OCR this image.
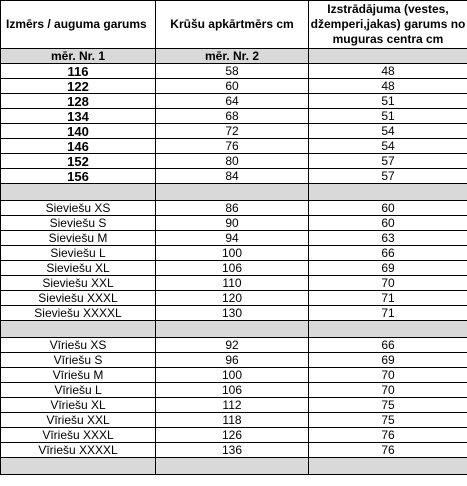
Izmērs / auguma garums	Krūšu apkārtmērs cm	Izstrādājuma (vestes, džemperi,jakas) garums no muguras centra cm
mēr. Nr. 1	mēr. Nr. 2	
116	58	48
122	60	48
128	64	51
134	68	51
140	72	54
146	76	54
152	80	57
156	84	57

Sieviešu XS	86	60
Sieviešu S	90	60
Sieviešu M	94	63
Sieviešu L	100	66
Sieviešu XL	106	69
Sieviešu XXL	110	70
Sieviešu XXXL	120	71
Sieviešu XXXXL	130	71

Vīriešu XS	92	66
Vīriešu S	96	69
Vīriešu M	100	70
Vīriešu L	106	70
Vīriešu XL	112	75
Vīriešu XXL	118	75
Vīriešu XXXL	126	76
Vīriešu XXXXL	136	76
